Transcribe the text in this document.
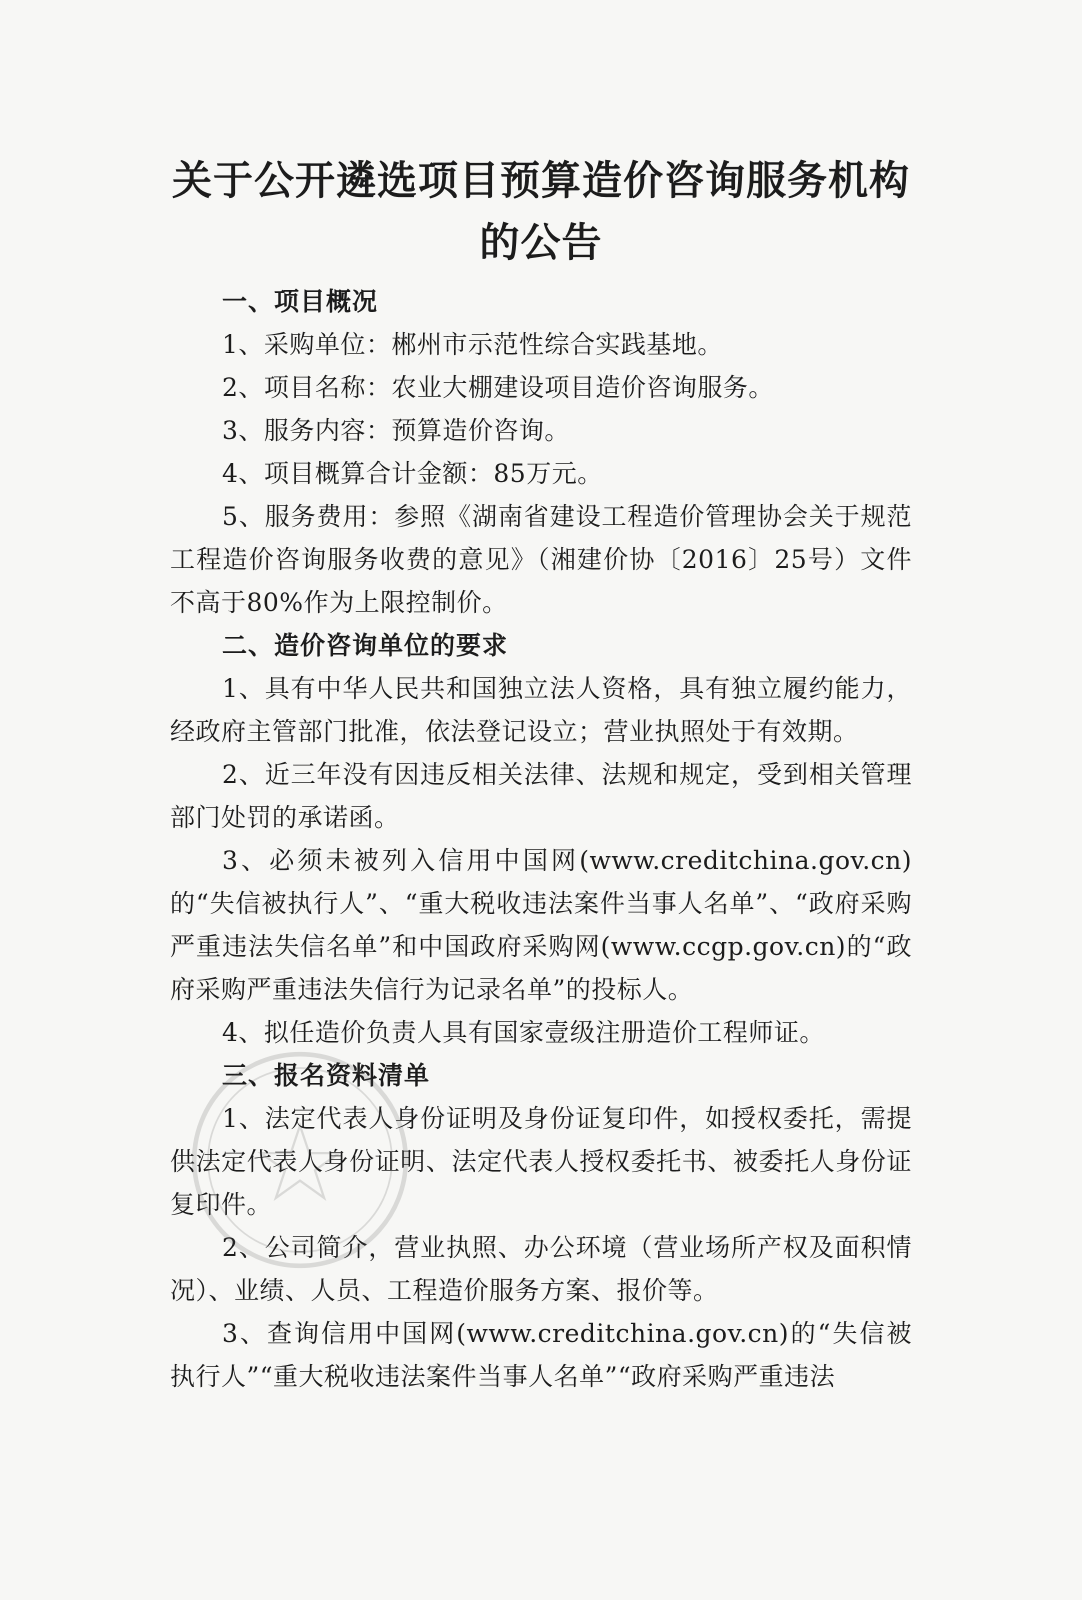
关于公开遴选项目预算造价咨询服务机构
的公告

一、项目概况

1、采购单位：郴州市示范性综合实践基地。

2、项目名称：农业大棚建设项目造价咨询服务。

3、服务内容：预算造价咨询。

4、项目概算合计金额：85万元。

5、服务费用：参照《湖南省建设工程造价管理协会关于规范工程造价咨询服务收费的意见》（湘建价协〔2016〕25号）文件不高于80%作为上限控制价。

二、造价咨询单位的要求

1、具有中华人民共和国独立法人资格，具有独立履约能力，经政府主管部门批准，依法登记设立；营业执照处于有效期。

2、近三年没有因违反相关法律、法规和规定，受到相关管理部门处罚的承诺函。

3、必须未被列入信用中国网(www.creditchina.gov.cn)的“失信被执行人”、“重大税收违法案件当事人名单”、“政府采购严重违法失信名单”和中国政府采购网(www.ccgp.gov.cn)的“政府采购严重违法失信行为记录名单”的投标人。

4、拟任造价负责人具有国家壹级注册造价工程师证。

三、报名资料清单

1、法定代表人身份证明及身份证复印件，如授权委托，需提供法定代表人身份证明、法定代表人授权委托书、被委托人身份证复印件。

2、公司简介，营业执照、办公环境（营业场所产权及面积情况）、业绩、人员、工程造价服务方案、报价等。

3、查询信用中国网(www.creditchina.gov.cn)的“失信被执行人”“重大税收违法案件当事人名单”“政府采购严重违法
